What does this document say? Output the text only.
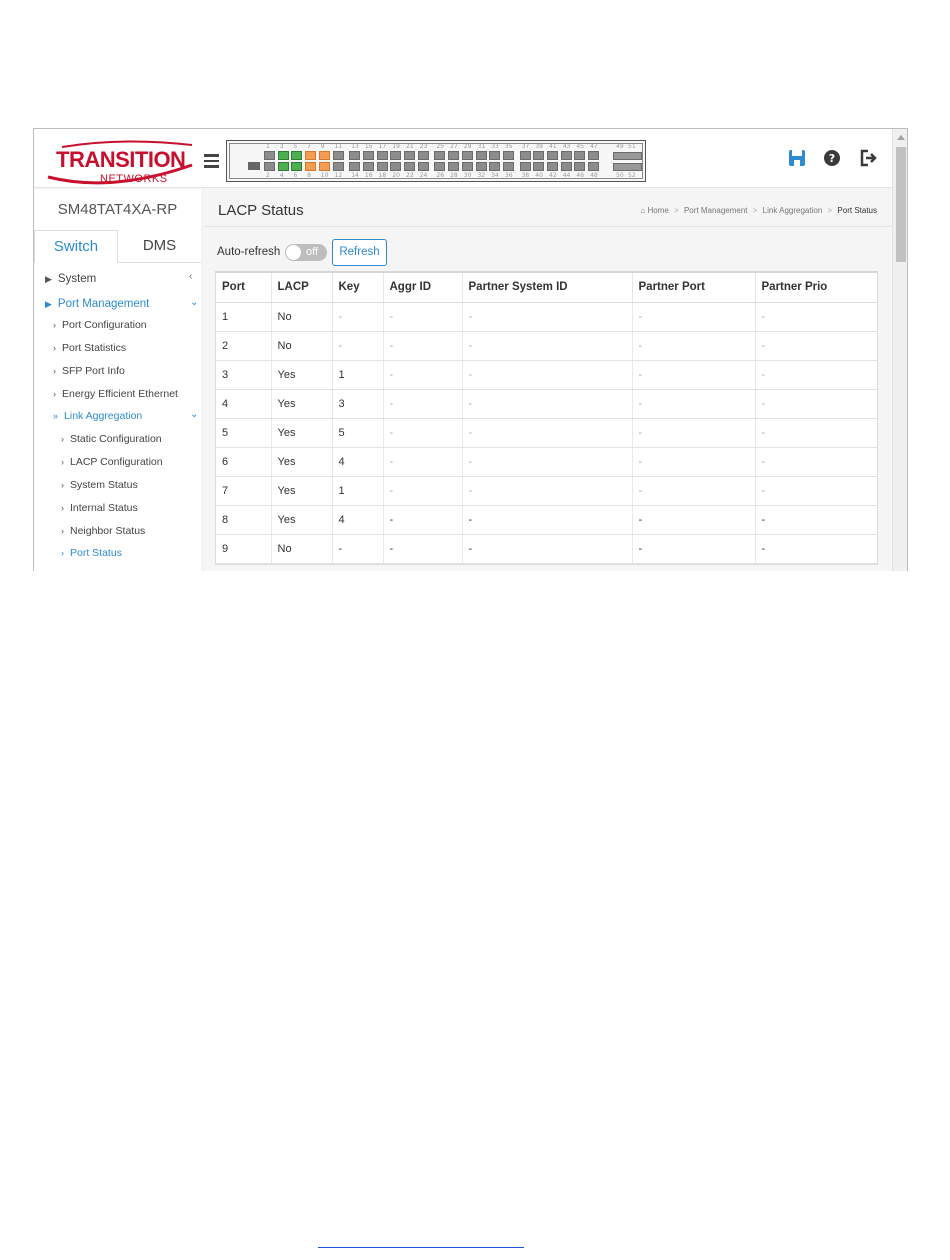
TRANSITION
NETWORKS
1
2
3
4
5
6
7
8
9
10
11
12
13
14
15
16
17
18
19
20
21
22
23
24
25
26
27
28
29
30
31
32
33
34
35
36
37
38
39
40
41
42
43
44
45
46
47
48
49
50
51
52
?
SM48TAT4XA-RP
Switch	DMS
▶ System	‹
▶ Port Management	⌄
› Port Configuration
› Port Statistics
› SFP Port Info
› Energy Efficient Ethernet
» Link Aggregation	⌄
› Static Configuration
› LACP Configuration
› System Status
› Internal Status
› Neighbor Status
› Port Status
LACP Status	⌂ Home > Port Management > Link Aggregation > Port Status
Auto-refresh off	Refresh
Port	LACP	Key	Aggr ID	Partner System ID	Partner Port	Partner Prio
1	No	-	-	-	-	-
2	No	-	-	-	-	-
3	Yes	1	-	-	-	-
4	Yes	3	-	-	-	-
5	Yes	5	-	-	-	-
6	Yes	4	-	-	-	-
7	Yes	1	-	-	-	-
8	Yes	4	-	-	-	-
9	No	-	-	-	-	-
